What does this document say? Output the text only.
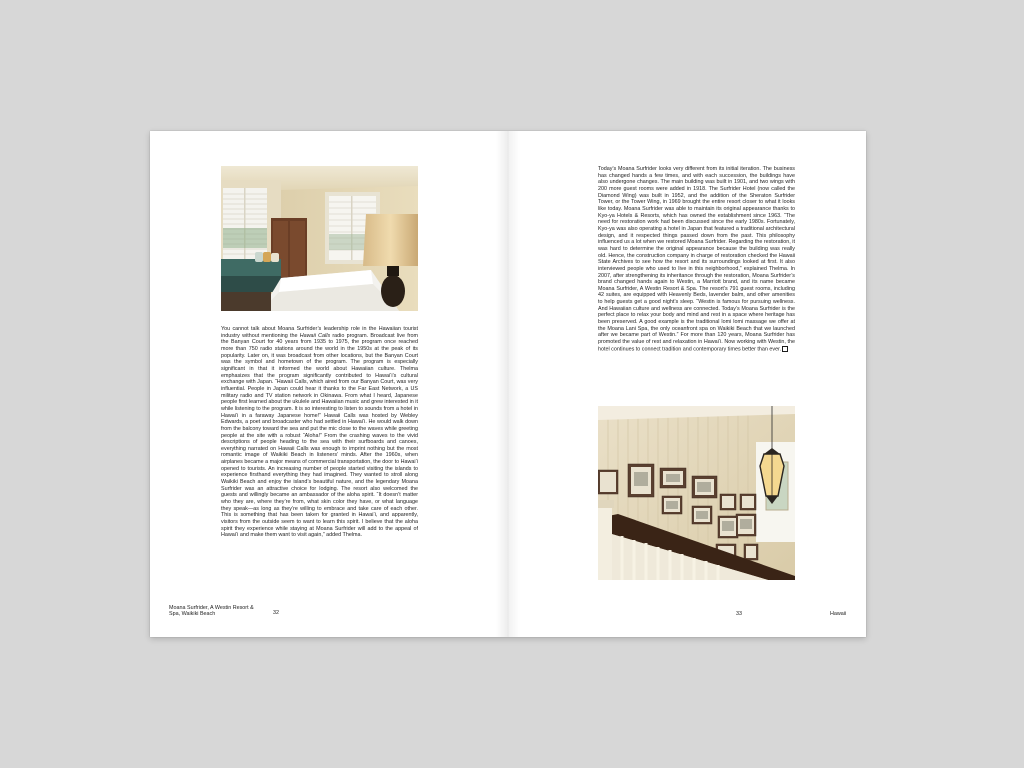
You cannot talk about Moana Surfrider’s leadership role in the Hawaiian tourist industry without mentioning the Hawaii Calls radio program. Broadcast live from the Banyan Court for 40 years from 1935 to 1975, the program once reached more than 750 radio stations around the world in the 1950s at the peak of its popularity. Later on, it was broadcast from other locations, but the Banyan Court was the symbol and hometown of the program. The program is especially significant in that it informed the world about Hawaiian culture. Thelma emphasizes that the program significantly contributed to Hawai‘i’s cultural exchange with Japan. “Hawaii Calls, which aired from our Banyan Court, was very influential. People in Japan could hear it thanks to the Far East Network, a US military radio and TV station network in Okinawa. From what I heard, Japanese people first learned about the ukulele and Hawaiian music and grew interested in it while listening to the program. It is so interesting to listen to sounds from a hotel in Hawai‘i in a faraway Japanese home!” Hawaii Calls was hosted by Webley Edwards, a poet and broadcaster who had settled in Hawai‘i. He would walk down from the balcony toward the sea and put the mic close to the waves while greeting people at the site with a robust “Aloha!” From the crashing waves to the vivid descriptions of people heading to the sea with their surfboards and canoes, everything narrated on Hawaii Calls was enough to imprint nothing but the most romantic image of Waikiki Beach in listeners’ minds. After the 1960s, when airplanes became a major means of commercial transportation, the door to Hawai‘i opened to tourists. An increasing number of people started visiting the islands to experience firsthand everything they had imagined. They wanted to stroll along Waikiki Beach and enjoy the island’s beautiful nature, and the legendary Moana Surfrider was an attractive choice for lodging. The resort also welcomed the guests and willingly became an ambassador of the aloha spirit. “It doesn’t matter who they are, where they’re from, what skin color they have, or what language they speak—as long as they’re willing to embrace and take care of each other. This is something that has been taken for granted in Hawai‘i, and apparently, visitors from the outside seem to want to learn this spirit. I believe that the aloha spirit they experience while staying at Moana Surfrider will add to the appeal of Hawai‘i and make them want to visit again,” added Thelma.

Moana Surfrider, A Westin Resort & Spa, Waikiki Beach	32

Today’s Moana Surfrider looks very different from its initial iteration. The business has changed hands a few times, and with each succession, the buildings have also undergone changes. The main building was built in 1901, and two wings with 200 more guest rooms were added in 1918. The Surfrider Hotel (now called the Diamond Wing) was built in 1952, and the addition of the Sheraton Surfrider Tower, or the Tower Wing, in 1969 brought the entire resort closer to what it looks like today. Moana Surfrider was able to maintain its original appearance thanks to Kyo-ya Hotels & Resorts, which has owned the establishment since 1963. “The need for restoration work had been discussed since the early 1980s. Fortunately, Kyo-ya was also operating a hotel in Japan that featured a traditional architectural design, and it respected things passed down from the past. This philosophy influenced us a lot when we restored Moana Surfrider. Regarding the restoration, it was hard to determine the original appearance because the building was really old. Hence, the construction company in charge of restoration checked the Hawaii State Archives to see how the resort and its surroundings looked at first. It also interviewed people who used to live in this neighborhood,” explained Thelma. In 2007, after strengthening its inheritance through the restoration, Moana Surfrider’s brand changed hands again to Westin, a Marriott brand, and its name became Moana Surfrider, A Westin Resort & Spa. The resort’s 791 guest rooms, including 42 suites, are equipped with Heavenly Beds, lavender balm, and other amenities to help guests get a good night’s sleep. “Westin is famous for pursuing wellness. And Hawaiian culture and wellness are connected. Today’s Moana Surfrider is the perfect place to relax your body and mind and rest in a space where heritage has been preserved. A good example is the traditional lomi lomi massage we offer at the Moana Lani Spa, the only oceanfront spa on Waikiki Beach that we launched after we became part of Westin.” For more than 120 years, Moana Surfrider has promoted the value of rest and relaxation in Hawai‘i. Now working with Westin, the hotel continues to connect tradition and contemporary times better than ever.

33	Hawaii
